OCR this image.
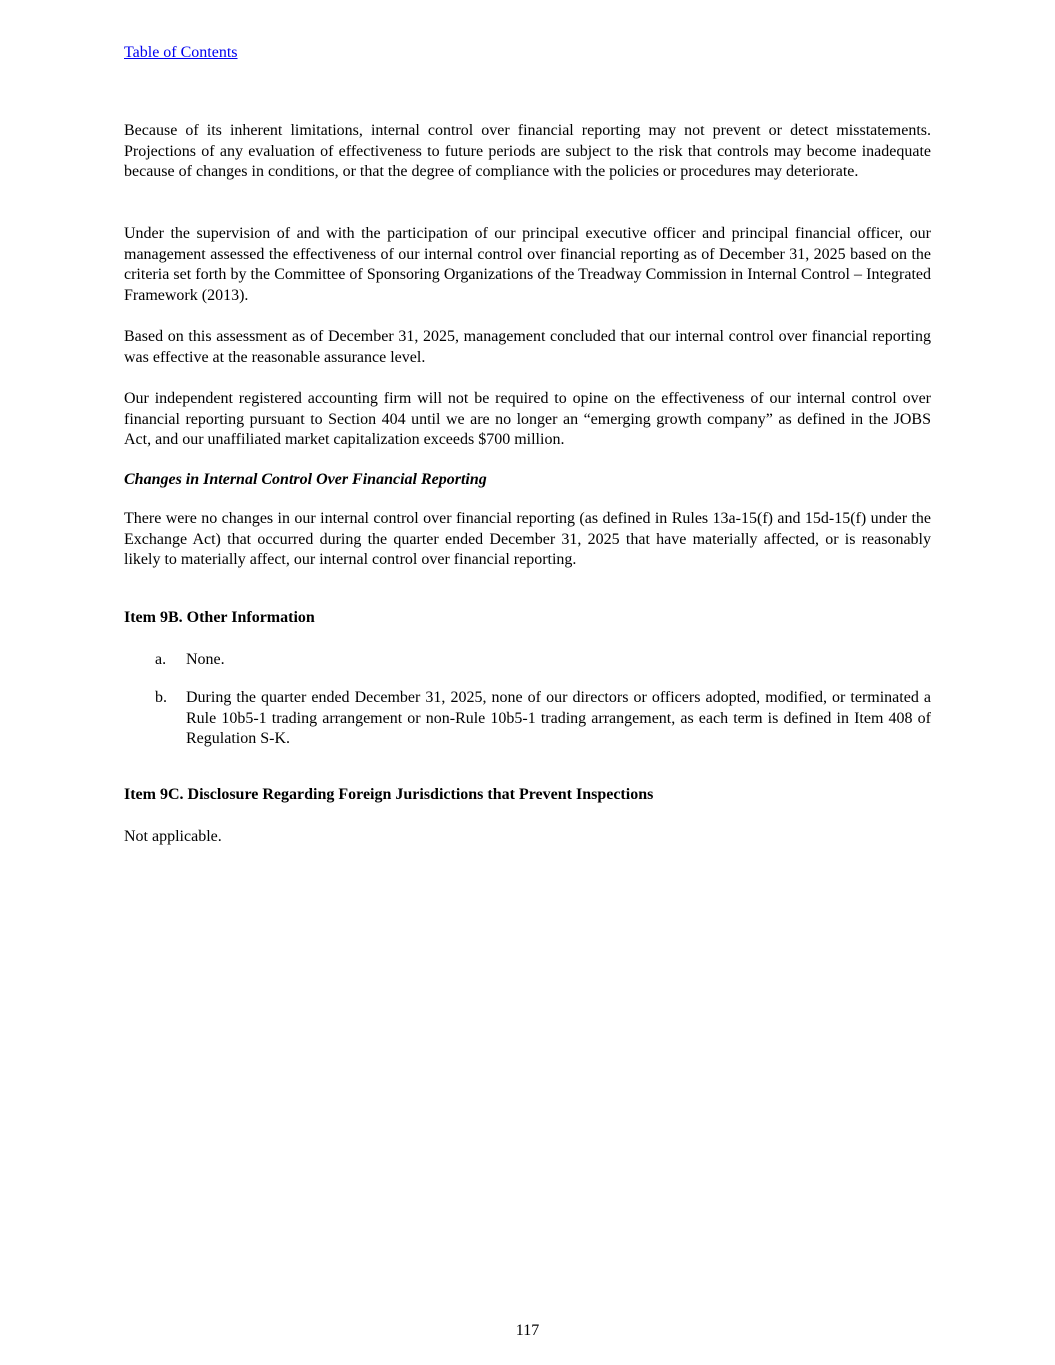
Table of Contents

Because of its inherent limitations, internal control over financial reporting may not prevent or detect misstatements. Projections of any evaluation of effectiveness to future periods are subject to the risk that controls may become inadequate because of changes in conditions, or that the degree of compliance with the policies or procedures may deteriorate.

Under the supervision of and with the participation of our principal executive officer and principal financial officer, our management assessed the effectiveness of our internal control over financial reporting as of December 31, 2025 based on the criteria set forth by the Committee of Sponsoring Organizations of the Treadway Commission in Internal Control – Integrated Framework (2013).

Based on this assessment as of December 31, 2025, management concluded that our internal control over financial reporting was effective at the reasonable assurance level.

Our independent registered accounting firm will not be required to opine on the effectiveness of our internal control over financial reporting pursuant to Section 404 until we are no longer an “emerging growth company” as defined in the JOBS Act, and our unaffiliated market capitalization exceeds $700 million.

Changes in Internal Control Over Financial Reporting

There were no changes in our internal control over financial reporting (as defined in Rules 13a-15(f) and 15d-15(f) under the Exchange Act) that occurred during the quarter ended December 31, 2025 that have materially affected, or is reasonably likely to materially affect, our internal control over financial reporting.

Item 9B. Other Information

a. None.
b. During the quarter ended December 31, 2025, none of our directors or officers adopted, modified, or terminated a Rule 10b5-1 trading arrangement or non-Rule 10b5-1 trading arrangement, as each term is defined in Item 408 of Regulation S-K.

Item 9C. Disclosure Regarding Foreign Jurisdictions that Prevent Inspections

Not applicable.

117
